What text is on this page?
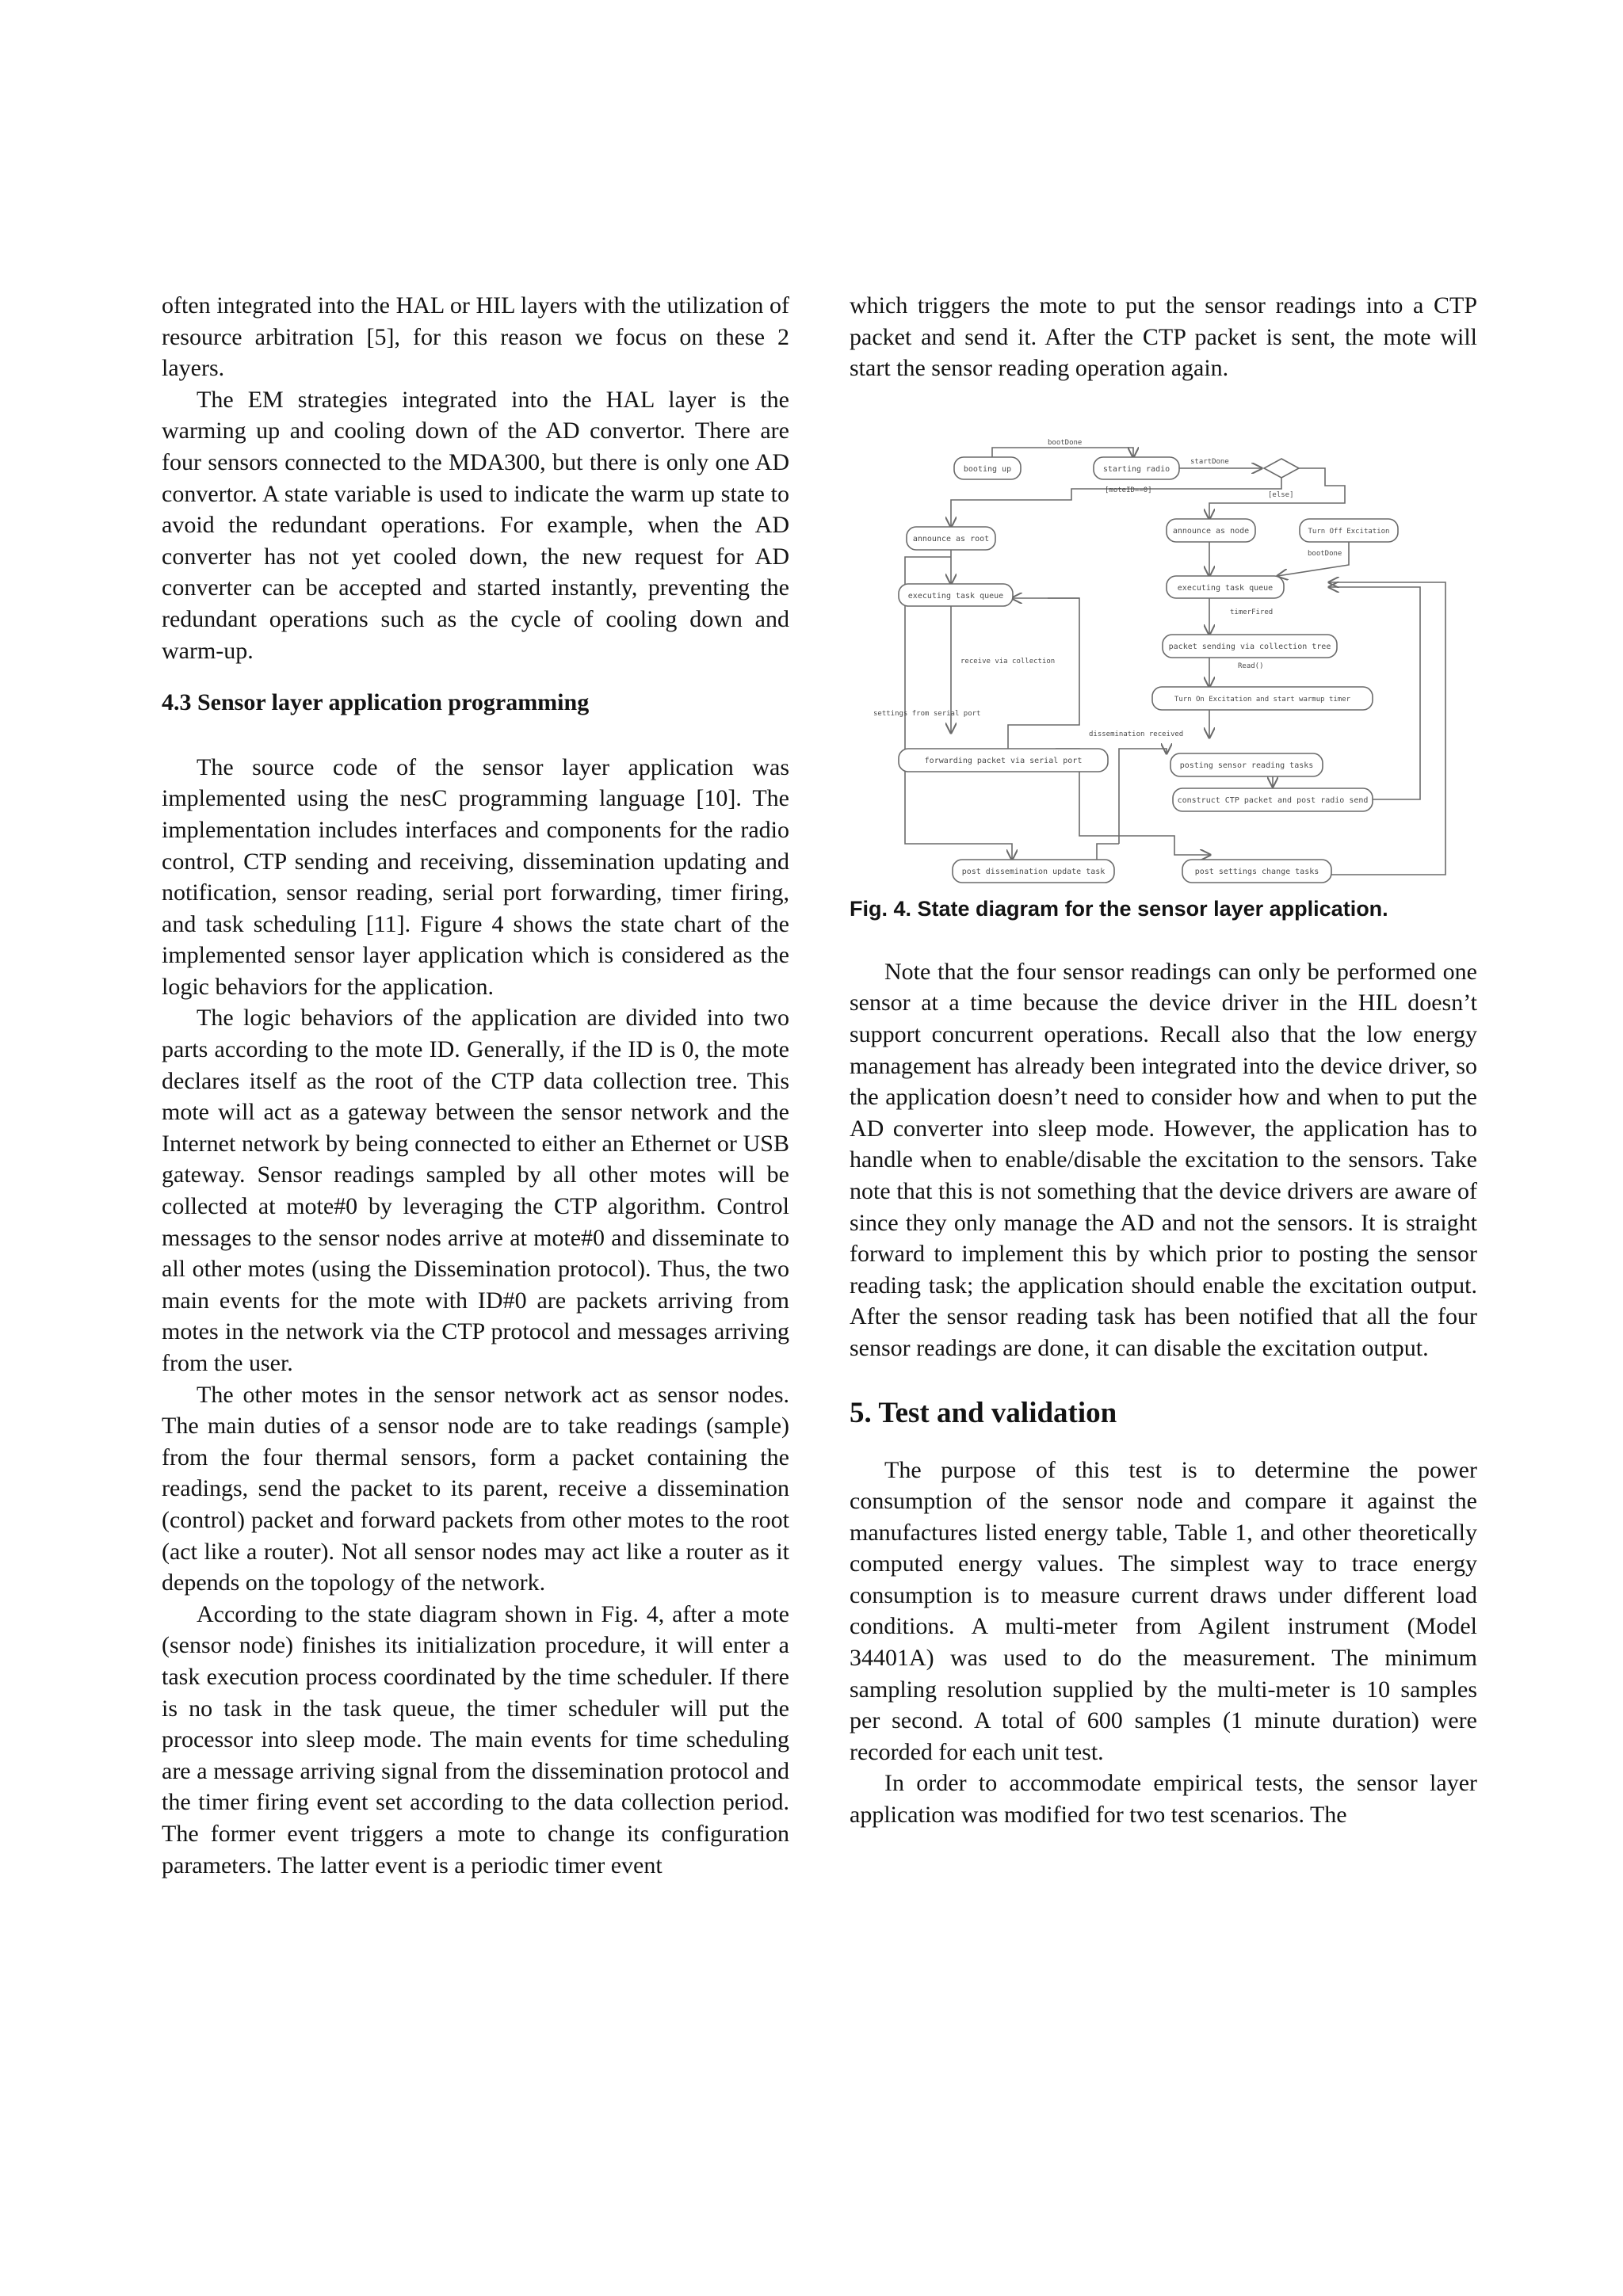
often integrated into the HAL or HIL layers with the utilization of resource arbitration [5], for this reason we focus on these 2 layers.

The EM strategies integrated into the HAL layer is the warming up and cooling down of the AD convertor. There are four sensors connected to the MDA300, but there is only one AD convertor. A state variable is used to indicate the warm up state to avoid the redundant operations. For example, when the AD converter has not yet cooled down, the new request for AD converter can be accepted and started instantly, preventing the redundant operations such as the cycle of cooling down and warm-up.

4.3 Sensor layer application programming

The source code of the sensor layer application was implemented using the nesC programming language [10]. The implementation includes interfaces and components for the radio control, CTP sending and receiving, dissemination updating and notification, sensor reading, serial port forwarding, timer firing, and task scheduling [11]. Figure 4 shows the state chart of the implemented sensor layer application which is considered as the logic behaviors for the application.

The logic behaviors of the application are divided into two parts according to the mote ID. Generally, if the ID is 0, the mote declares itself as the root of the CTP data collection tree. This mote will act as a gateway between the sensor network and the Internet network by being connected to either an Ethernet or USB gateway. Sensor readings sampled by all other motes will be collected at mote#0 by leveraging the CTP algorithm. Control messages to the sensor nodes arrive at mote#0 and disseminate to all other motes (using the Dissemination protocol). Thus, the two main events for the mote with ID#0 are packets arriving from motes in the network via the CTP protocol and messages arriving from the user.

The other motes in the sensor network act as sensor nodes. The main duties of a sensor node are to take readings (sample) from the four thermal sensors, form a packet containing the readings, send the packet to its parent, receive a dissemination (control) packet and forward packets from other motes to the root (act like a router). Not all sensor nodes may act like a router as it depends on the topology of the network.

According to the state diagram shown in Fig. 4, after a mote (sensor node) finishes its initialization procedure, it will enter a task execution process coordinated by the time scheduler. If there is no task in the task queue, the timer scheduler will put the processor into sleep mode. The main events for time scheduling are a message arriving signal from the dissemination protocol and the timer firing event set according to the data collection period. The former event triggers a mote to change its configuration parameters. The latter event is a periodic timer event

which triggers the mote to put the sensor readings into a CTP packet and send it. After the CTP packet is sent, the mote will start the sensor reading operation again.

booting up	starting radio
announce as root
announce as node	Turn Off Excitation
executing task queue
executing task queue
packet sending via collection tree
Turn On Excitation and start warmup timer
forwarding packet via serial port
posting sensor reading tasks
construct CTP packet and post radio send
post dissemination update task	post settings change tasks
bootDone
startDone
[moteID==0]
[else]
bootDone
timerFired
Read()
receive via collection
settings from serial port
dissemination received

Fig. 4. State diagram for the sensor layer application.

Note that the four sensor readings can only be performed one sensor at a time because the device driver in the HIL doesn’t support concurrent operations. Recall also that the low energy management has already been integrated into the device driver, so the application doesn’t need to consider how and when to put the AD converter into sleep mode. However, the application has to handle when to enable/disable the excitation to the sensors. Take note that this is not something that the device drivers are aware of since they only manage the AD and not the sensors. It is straight forward to implement this by which prior to posting the sensor reading task; the application should enable the excitation output. After the sensor reading task has been notified that all the four sensor readings are done, it can disable the excitation output.

5. Test and validation

The purpose of this test is to determine the power consumption of the sensor node and compare it against the manufactures listed energy table, Table 1, and other theoretically computed energy values. The simplest way to trace energy consumption is to measure current draws under different load conditions. A multi-meter from Agilent instrument (Model 34401A) was used to do the measurement. The minimum sampling resolution supplied by the multi-meter is 10 samples per second. A total of 600 samples (1 minute duration) were recorded for each unit test.

In order to accommodate empirical tests, the sensor layer application was modified for two test scenarios. The
